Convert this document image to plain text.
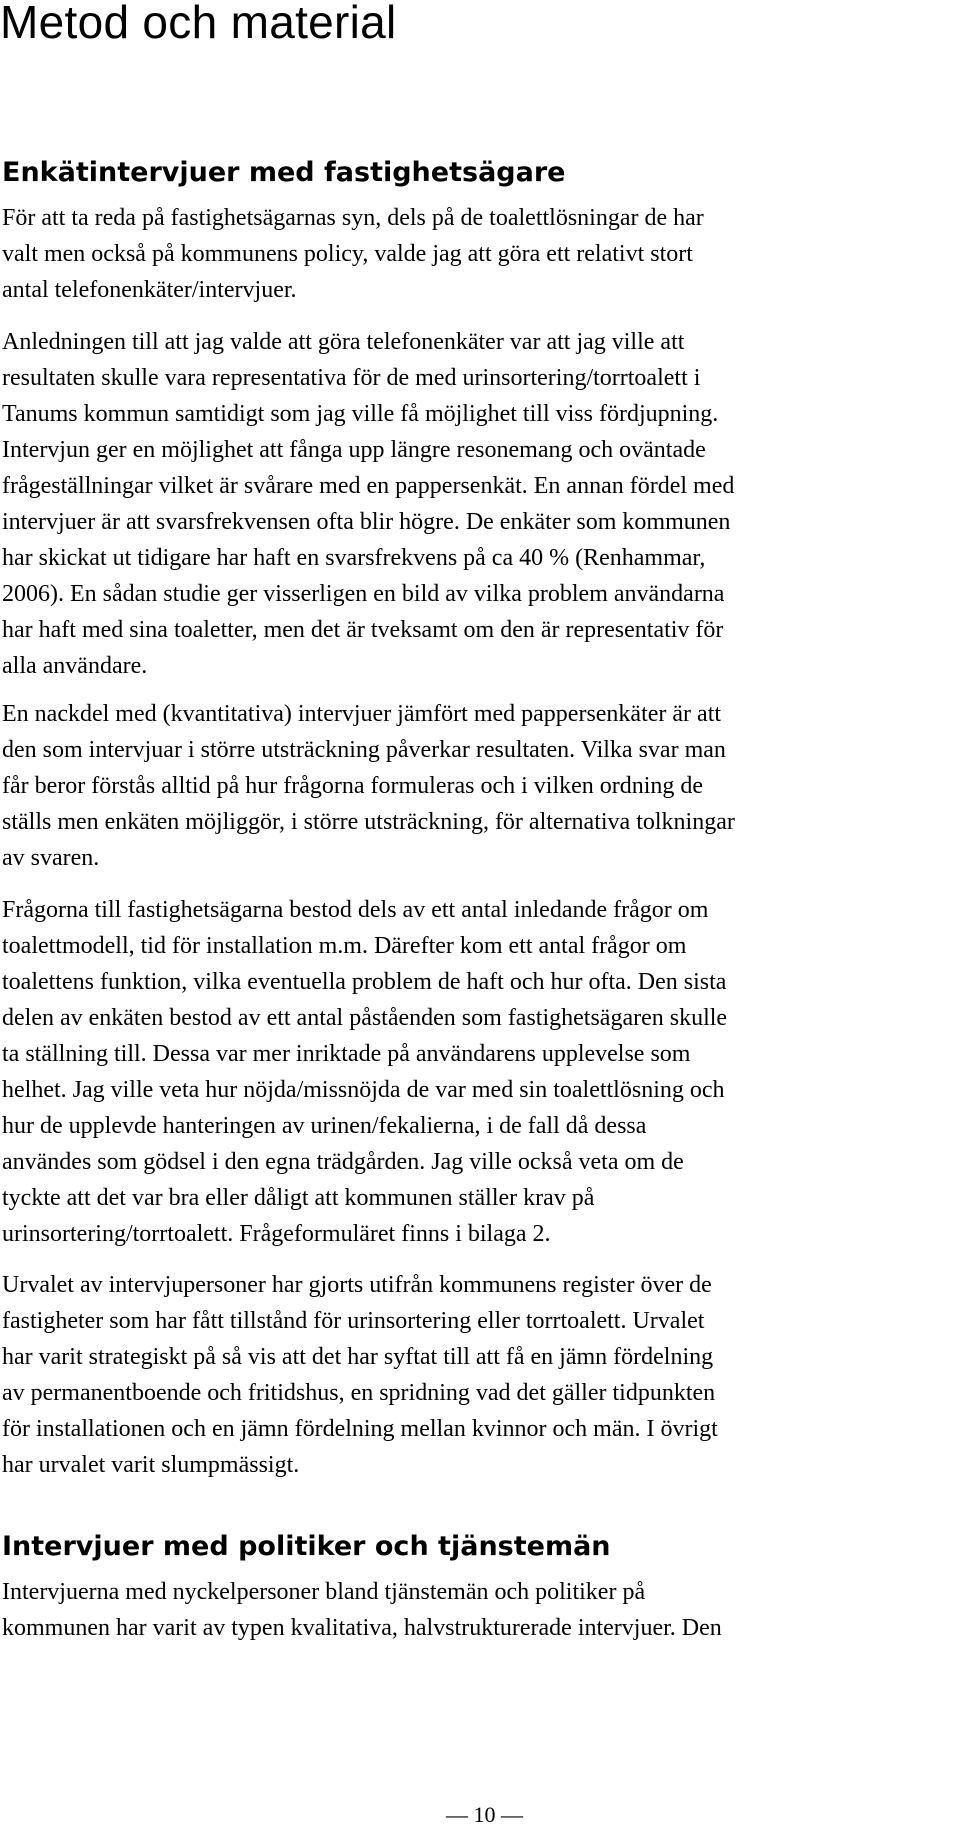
Metod och material
Enkätintervjuer med fastighetsägare

För att ta reda på fastighetsägarnas syn, dels på de toalettlösningar de har
valt men också på kommunens policy, valde jag att göra ett relativt stort
antal telefonenkäter/intervjuer.

Anledningen till att jag valde att göra telefonenkäter var att jag ville att
resultaten skulle vara representativa för de med urinsortering/torrtoalett i
Tanums kommun samtidigt som jag ville få möjlighet till viss fördjupning.
Intervjun ger en möjlighet att fånga upp längre resonemang och oväntade
frågeställningar vilket är svårare med en pappersenkät. En annan fördel med
intervjuer är att svarsfrekvensen ofta blir högre. De enkäter som kommunen
har skickat ut tidigare har haft en svarsfrekvens på ca 40 % (Renhammar,
2006). En sådan studie ger visserligen en bild av vilka problem användarna
har haft med sina toaletter, men det är tveksamt om den är representativ för
alla användare.

En nackdel med (kvantitativa) intervjuer jämfört med pappersenkäter är att
den som intervjuar i större utsträckning påverkar resultaten. Vilka svar man
får beror förstås alltid på hur frågorna formuleras och i vilken ordning de
ställs men enkäten möjliggör, i större utsträckning, för alternativa tolkningar
av svaren.

Frågorna till fastighetsägarna bestod dels av ett antal inledande frågor om
toalettmodell, tid för installation m.m. Därefter kom ett antal frågor om
toalettens funktion, vilka eventuella problem de haft och hur ofta. Den sista
delen av enkäten bestod av ett antal påståenden som fastighetsägaren skulle
ta ställning till. Dessa var mer inriktade på användarens upplevelse som
helhet. Jag ville veta hur nöjda/missnöjda de var med sin toalettlösning och
hur de upplevde hanteringen av urinen/fekalierna, i de fall då dessa
användes som gödsel i den egna trädgården. Jag ville också veta om de
tyckte att det var bra eller dåligt att kommunen ställer krav på
urinsortering/torrtoalett. Frågeformuläret finns i bilaga 2.

Urvalet av intervjupersoner har gjorts utifrån kommunens register över de
fastigheter som har fått tillstånd för urinsortering eller torrtoalett. Urvalet
har varit strategiskt på så vis att det har syftat till att få en jämn fördelning
av permanentboende och fritidshus, en spridning vad det gäller tidpunkten
för installationen och en jämn fördelning mellan kvinnor och män. I övrigt
har urvalet varit slumpmässigt.

Intervjuer med politiker och tjänstemän

Intervjuerna med nyckelpersoner bland tjänstemän och politiker på
kommunen har varit av typen kvalitativa, halvstrukturerade intervjuer. Den

— 10 —
